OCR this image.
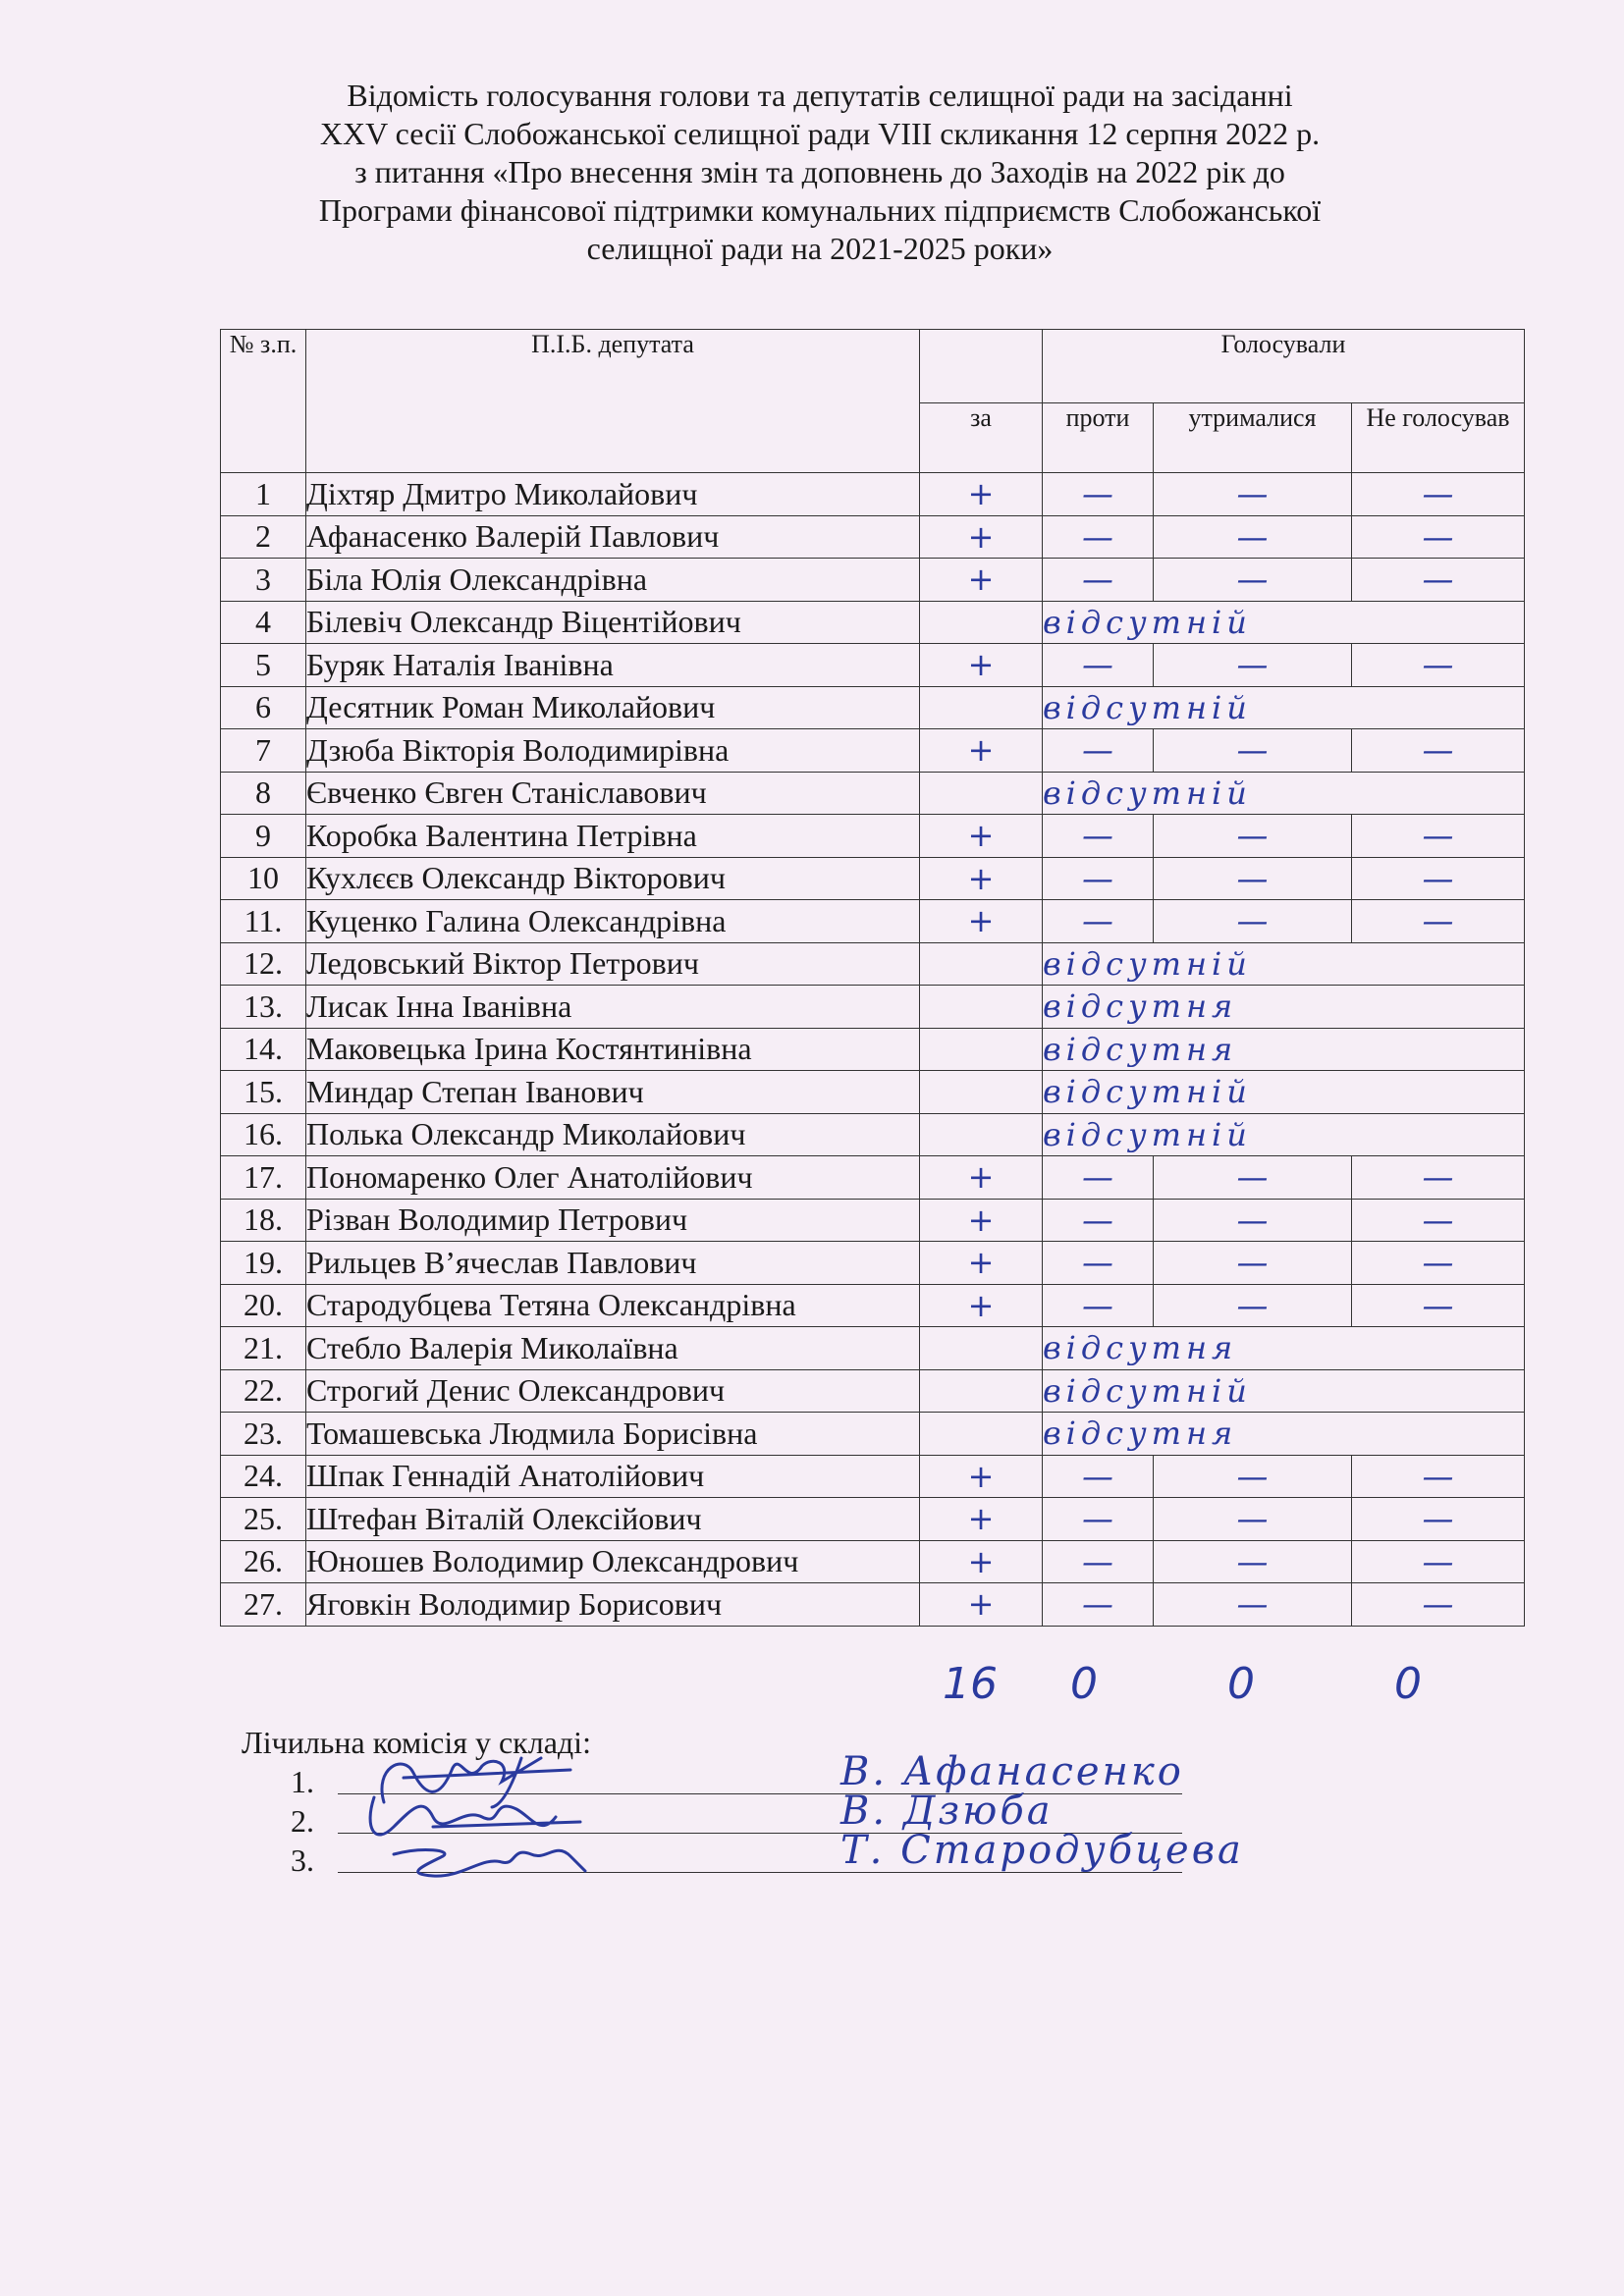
Відомість голосування голови та депутатів селищної ради на засіданні
XXV сесії Слобожанської селищної ради VIII скликання 12 серпня 2022 р.
з питання «Про внесення змін та доповнень до Заходів на 2022 рік до
Програми фінансової підтримки комунальних підприємств Слобожанської
селищної ради на 2021-2025 роки»
№ з.п.	П.І.Б. депутата		Голосували		
		за	проти	утрималися	Не голосував
1	Діхтяр Дмитро Миколайович	+	—	—	—
2	Афанасенко Валерій Павлович	+	—	—	—
3	Біла Юлія Олександрівна	+	—	—	—
4	Білевіч Олександр Віцентійович		відсутній		
5	Буряк Наталія Іванівна	+	—	—	—
6	Десятник Роман Миколайович		відсутній		
7	Дзюба Вікторія Володимирівна	+	—	—	—
8	Євченко Євген Станіславович		відсутній		
9	Коробка Валентина Петрівна	+	—	—	—
10	Кухлєєв Олександр Вікторович	+	—	—	—
11.	Куценко Галина Олександрівна	+	—	—	—
12.	Ледовський Віктор Петрович		відсутній		
13.	Лисак Інна Іванівна		відсутня		
14.	Маковецька Ірина Костянтинівна		відсутня		
15.	Миндар Степан Іванович		відсутній		
16.	Полька Олександр Миколайович		відсутній		
17.	Пономаренко Олег Анатолійович	+	—	—	—
18.	Різван Володимир Петрович	+	—	—	—
19.	Рильцев В’ячеслав Павлович	+	—	—	—
20.	Стародубцева Тетяна Олександрівна	+	—	—	—
21.	Стебло Валерія Миколаївна		відсутня		
22.	Строгий Денис Олександрович		відсутній		
23.	Томашевська Людмила Борисівна		відсутня		
24.	Шпак Геннадій Анатолійович	+	—	—	—
25.	Штефан Віталій Олексійович	+	—	—	—
26.	Юношев Володимир Олександрович	+	—	—	—
27.	Яговкін Володимир Борисович	+	—	—	—
16 0	0	0
Лічильна комісія у складі:
1.	В. Афанасенко
2.	В. Дзюба
3.	Т. Стародубцева
